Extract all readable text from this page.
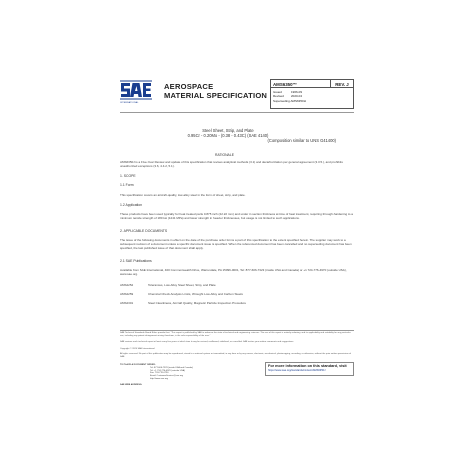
INTERNATIONAL
AEROSPACE
MATERIAL SPECIFICATION
AMS6350™	REV. J
Issued	1966-09
Revised 2020-04
Superseding AMS6350H
Steel Sheet, Strip, and Plate
0.95Cr - 0.20Mo - (0.38 - 0.43C) (SAE 4140)
(Composition similar to UNS G41400)
RATIONALE
AMS6350J is a Five-Year Review and update of this specification that revises analytical methods (3.1) and decarburization per general agreement (3.3.5.), and prohibits unauthorized exceptions (3.6, 4.4.2, 5.1).
1. SCOPE
1.1 Form
This specification covers an aircraft-quality, low-alloy steel in the form of sheet, strip, and plate.
1.2 Application
These products have been used typically for heat treated parts 0.875 inch (22.22 mm) and under in section thickness at time of heat treatment, requiring through-hardening to a minimum tensile strength of 180 ksi (1241 MPa) and lower strength in heavier thicknesses, but usage is not limited to such applications.
2. APPLICABLE DOCUMENTS
The issue of the following documents in effect on the date of the purchase order forms a part of this specification to the extent specified herein. The supplier may work to a subsequent revision of a document unless a specific document issue is specified. When the referenced document has been cancelled and no superseding document has been specified, the last published issue of that document shall apply.
2.1 SAE Publications
Available from SAE International, 400 Commonwealth Drive, Warrendale, PA 15096-0001, Tel: 877-606-7323 (inside USA and Canada) or +1 724-776-4970 (outside USA), www.sae.org.
AMS2252	Tolerances, Low-Alloy Steel Sheet, Strip, and Plate
AMS2259	Chemical Check Analysis Limits, Wrought Low-Alloy and Carbon Steels
AMS2301	Steel Cleanliness, Aircraft Quality, Magnetic Particle Inspection Procedure
SAE Technical Standards Board Rules provide that: "This report is published by SAE to advance the state of technical and engineering sciences. The use of this report is entirely voluntary, and its applicability and suitability for any particular use, including any patent infringement arising therefrom, is the sole responsibility of the user."
SAE reviews each technical report at least every five years at which time it may be revised, reaffirmed, stabilized, or cancelled. SAE invites your written comments and suggestions.
Copyright © 2020 SAE International
All rights reserved. No part of this publication may be reproduced, stored in a retrieval system or transmitted, in any form or by any means, electronic, mechanical, photocopying, recording, or otherwise, without the prior written permission of SAE.
TO PLACE A DOCUMENT ORDER:
Tel: 877-606-7323 (inside USA and Canada)
Tel: +1 724-776-4970 (outside USA)
Fax: 724-776-0790
Email: CustomerService@sae.org
http://www.sae.org
For more information on this standard, visit
https://www.sae.org/standards/content/AMS6350J
SAE WEB ADDRESS:
